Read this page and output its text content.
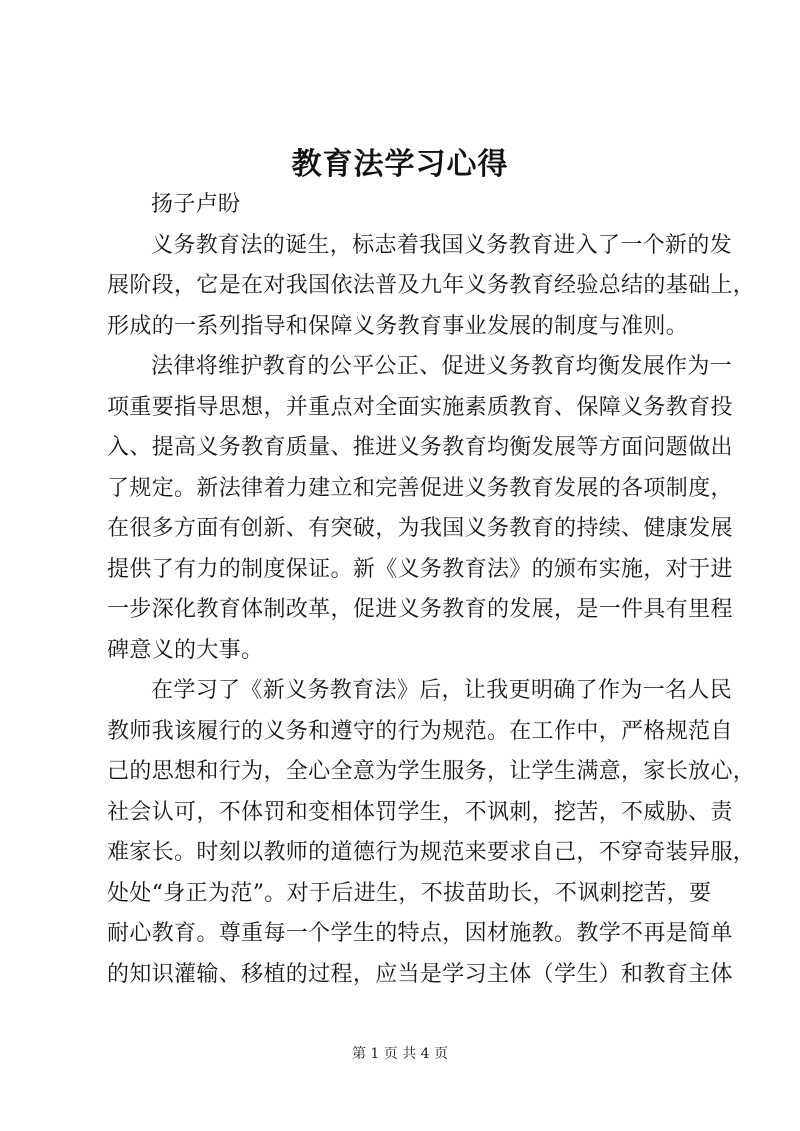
教育法学习心得
扬子卢盼
义务教育法的诞生，标志着我国义务教育进入了一个新的发
展阶段，它是在对我国依法普及九年义务教育经验总结的基础上，
形成的一系列指导和保障义务教育事业发展的制度与准则。
法律将维护教育的公平公正、促进义务教育均衡发展作为一
项重要指导思想，并重点对全面实施素质教育、保障义务教育投
入、提高义务教育质量、推进义务教育均衡发展等方面问题做出
了规定。新法律着力建立和完善促进义务教育发展的各项制度，
在很多方面有创新、有突破，为我国义务教育的持续、健康发展
提供了有力的制度保证。新《义务教育法》的颁布实施，对于进
一步深化教育体制改革，促进义务教育的发展，是一件具有里程
碑意义的大事。
在学习了《新义务教育法》后，让我更明确了作为一名人民
教师我该履行的义务和遵守的行为规范。在工作中，严格规范自
己的思想和行为，全心全意为学生服务，让学生满意，家长放心，
社会认可，不体罚和变相体罚学生，不讽刺，挖苦，不威胁、责
难家长。时刻以教师的道德行为规范来要求自己，不穿奇装异服，
处处“身正为范”。对于后进生，不拔苗助长，不讽刺挖苦，要
耐心教育。尊重每一个学生的特点，因材施教。教学不再是简单
的知识灌输、移植的过程，应当是学习主体（学生）和教育主体
第 1 页 共 4 页
